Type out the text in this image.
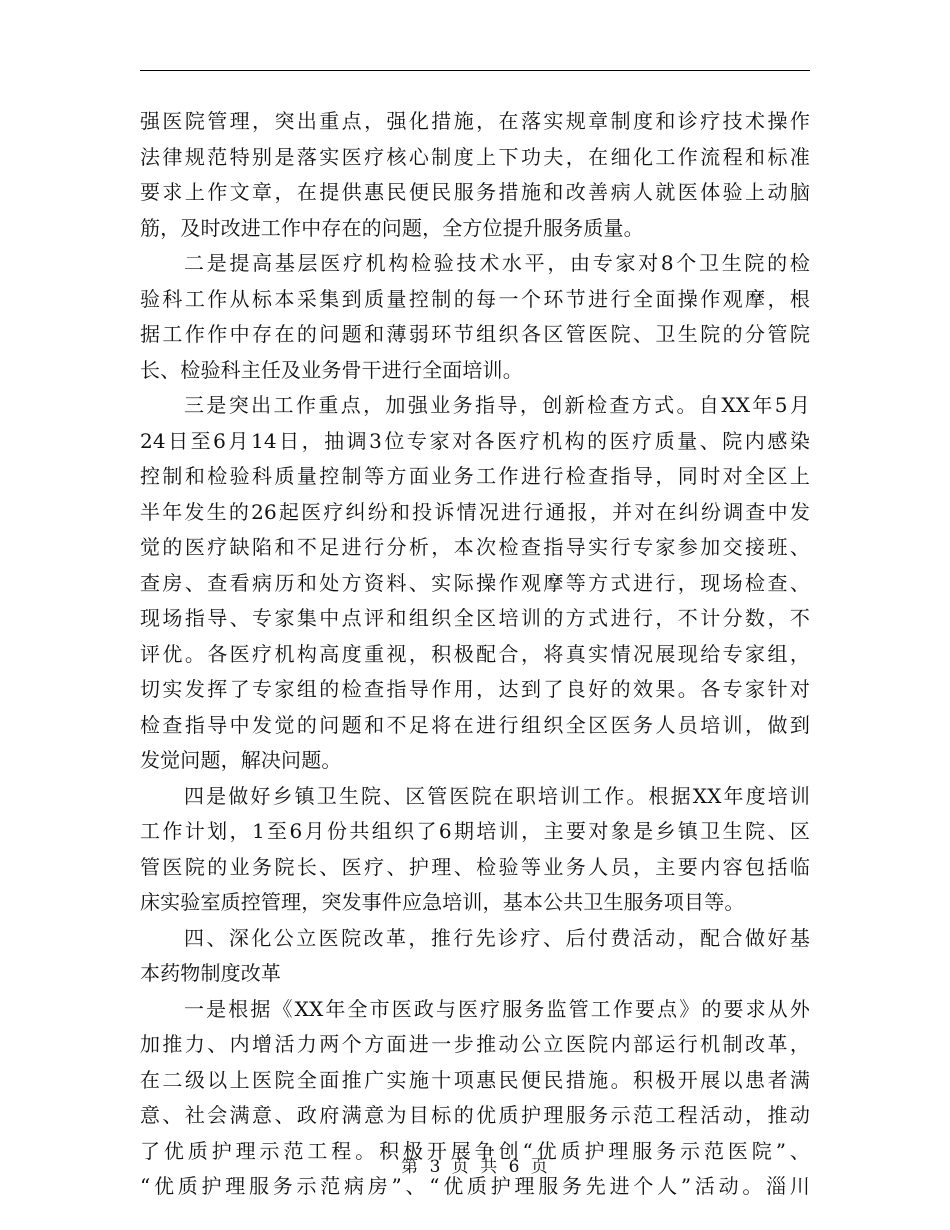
强医院管理，突出重点，强化措施，在落实规章制度和诊疗技术操作
法律规范特别是落实医疗核心制度上下功夫，在细化工作流程和标准
要求上作文章，在提供惠民便民服务措施和改善病人就医体验上动脑
筋，及时改进工作中存在的问题，全方位提升服务质量。
二是提高基层医疗机构检验技术水平，由专家对8个卫生院的检
验科工作从标本采集到质量控制的每一个环节进行全面操作观摩，根
据工作作中存在的问题和薄弱环节组织各区管医院、卫生院的分管院
长、检验科主任及业务骨干进行全面培训。
三是突出工作重点，加强业务指导，创新检查方式。自XX年5月
24日至6月14日，抽调3位专家对各医疗机构的医疗质量、院内感染
控制和检验科质量控制等方面业务工作进行检查指导，同时对全区上
半年发生的26起医疗纠纷和投诉情况进行通报，并对在纠纷调查中发
觉的医疗缺陷和不足进行分析，本次检查指导实行专家参加交接班、
查房、查看病历和处方资料、实际操作观摩等方式进行，现场检查、
现场指导、专家集中点评和组织全区培训的方式进行，不计分数，不
评优。各医疗机构高度重视，积极配合，将真实情况展现给专家组，
切实发挥了专家组的检查指导作用，达到了良好的效果。各专家针对
检查指导中发觉的问题和不足将在进行组织全区医务人员培训，做到
发觉问题，解决问题。
四是做好乡镇卫生院、区管医院在职培训工作。根据XX年度培训
工作计划，1至6月份共组织了6期培训，主要对象是乡镇卫生院、区
管医院的业务院长、医疗、护理、检验等业务人员，主要内容包括临
床实验室质控管理，突发事件应急培训，基本公共卫生服务项目等。
四、深化公立医院改革，推行先诊疗、后付费活动，配合做好基
本药物制度改革
一是根据《XX年全市医政与医疗服务监管工作要点》的要求从外
加推力、内增活力两个方面进一步推动公立医院内部运行机制改革，
在二级以上医院全面推广实施十项惠民便民措施。积极开展以患者满
意、社会满意、政府满意为目标的优质护理服务示范工程活动，推动
了优质护理示范工程。积极开展争创“优质护理服务示范医院”、
“优质护理服务示范病房”、“优质护理服务先进个人”活动。淄川
第 3 页 共 6 页
